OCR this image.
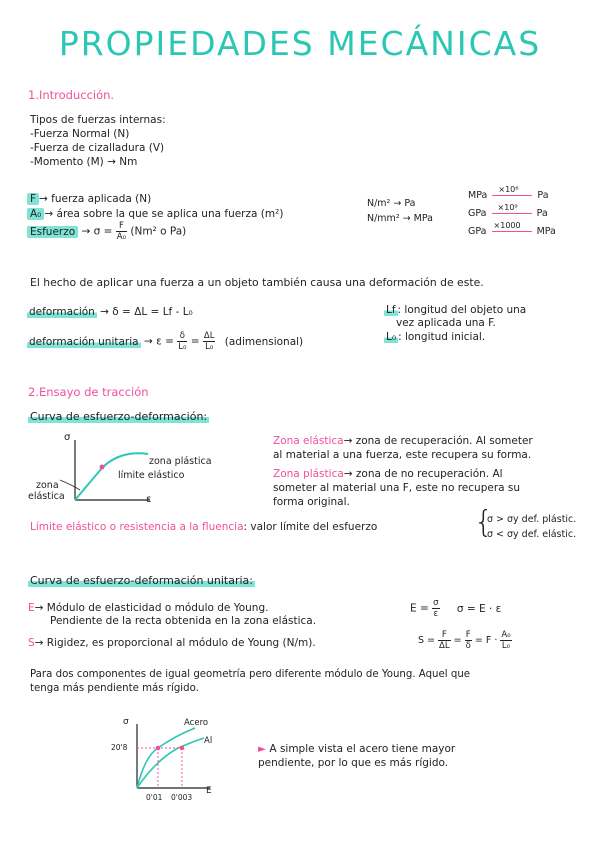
PROPIEDADES MECÁNICAS
1.Introducción.
Tipos de fuerzas internas:
-Fuerza Normal (N)
-Fuerza de cizalladura (V)
-Momento (M) → Nm
F → fuerza aplicada (N)
A₀ → área sobre la que se aplica una fuerza (m²)
Esfuerzo → $\sigma = \frac{F}{\text{A₀}} (Nm^2$ o Pa)
N/m² → Pa
N/mm² → MPa
MPa
×10⁶
Pa
GPa
×10⁹
Pa
GPa
×1000
MPa
El hecho de aplicar una fuerza a un objeto también causa una deformación de este.
deformación → δ = ΔL = Lf - L₀
deformación unitaria → $\varepsilon = \frac{\delta}{\text{L₀}} = \frac{\Delta L}{\text{L₀}}$ (adimensional)
Lf : longitud del objeto una
vez aplicada una F.
L₀ : longitud inicial.
2.Ensayo de tracción
Curva de esfuerzo-deformación:
σ
ε
zona plástica
límite elástico
zona
elástica
Zona elástica→ zona de recuperación. Al someter
al material a una fuerza, este recupera su forma.
Zona plástica→ zona de no recuperación. Al
someter al material una F, este no recupera su
forma original.
Límite elástico o resistencia a la fluencia: valor límite del esfuerzo	{
σ > σy def. plástic.
σ < σy def. elástic.
Curva de esfuerzo-deformación unitaria:
E→ Módulo de elasticidad o módulo de Young.
Pendiente de la recta obtenida en la zona elástica.
$E = \frac{\sigma}{\varepsilon}$ σ = E · ε
S→ Rigidez, es proporcional al módulo de Young (N/m).	$S = \frac{F}{\Delta L} = \frac{F}{\delta} = F \cdot \frac{\text{A₀}}{\text{L₀}}$
Para dos componentes de igual geometría pero diferente módulo de Young. Aquel que
tenga más pendiente más rígido.
σ
E
Acero
Al
20'8
0'01 0'003
► A simple vista el acero tiene mayor
pendiente, por lo que es más rígido.
